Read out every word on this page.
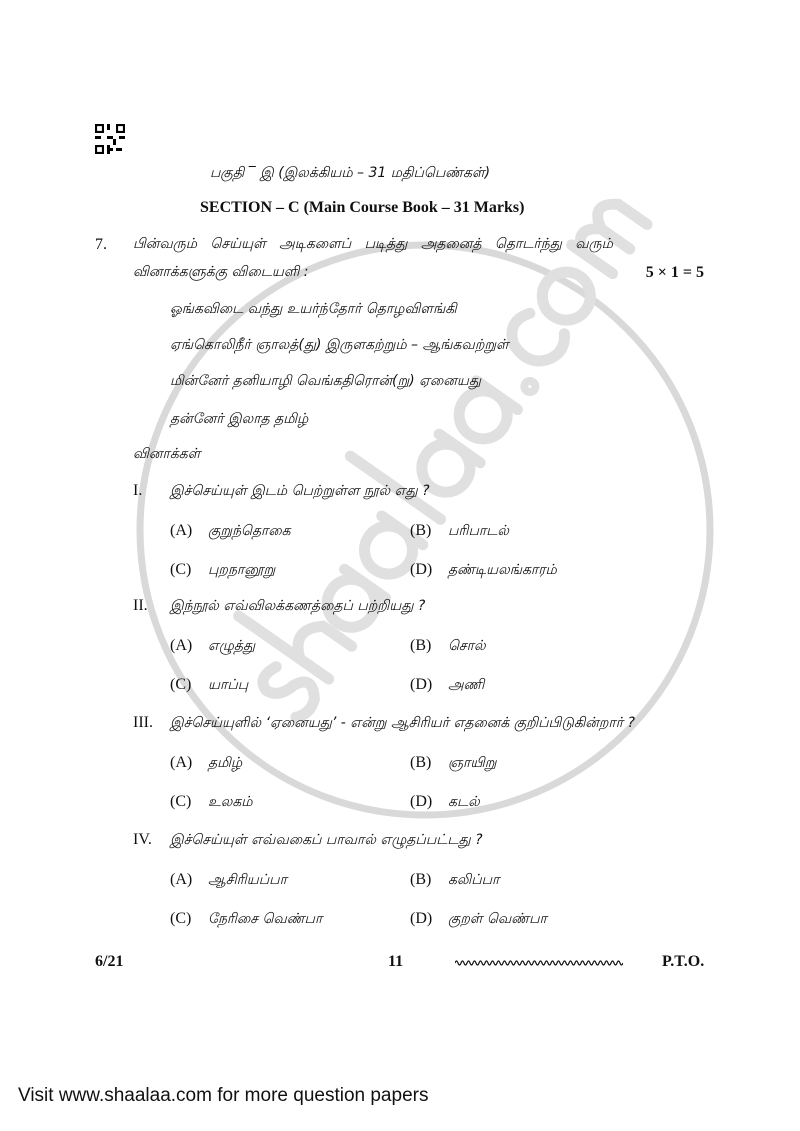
பகுதி ‾ இ (இலக்கியம் – 31 மதிப்பெண்கள்)
SECTION – C (Main Course Book – 31 Marks)
7. பின்வரும் செய்யுள் அடிகளைப் படித்து அதனைத் தொடர்ந்து வரும்
வினாக்களுக்கு விடையளி :	5 × 1 = 5
ஓங்கவிடை வந்து உயர்ந்தோர் தொழவிளங்கி
ஏங்கொலிநீர் ஞாலத்(து) இருளகற்றும் – ஆங்கவற்றுள்
மின்னேர் தனியாழி வெங்கதிரொன்(று) ஏனையது
தன்னேர் இலாத தமிழ்
வினாக்கள்
I. இச்செய்யுள் இடம் பெற்றுள்ள நூல் எது ?
(A) குறுந்தொகை	(B) பரிபாடல்
(C) புறநானூறு	(D) தண்டியலங்காரம்
II. இந்நூல் எவ்விலக்கணத்தைப் பற்றியது ?
(A) எழுத்து	(B) சொல்
(C) யாப்பு	(D) அணி
III. இச்செய்யுளில் ‘ஏனையது’ - என்று ஆசிரியர் எதனைக் குறிப்பிடுகின்றார் ?
(A) தமிழ்	(B) ஞாயிறு
(C) உலகம்	(D) கடல்
IV. இச்செய்யுள் எவ்வகைப் பாவால் எழுதப்பட்டது ?
(A) ஆசிரியப்பா	(B) கலிப்பா
(C) நேரிசை வெண்பா	(D) குறள் வெண்பா
6/21	11	P.T.O.
Visit www.shaalaa.com for more question papers
